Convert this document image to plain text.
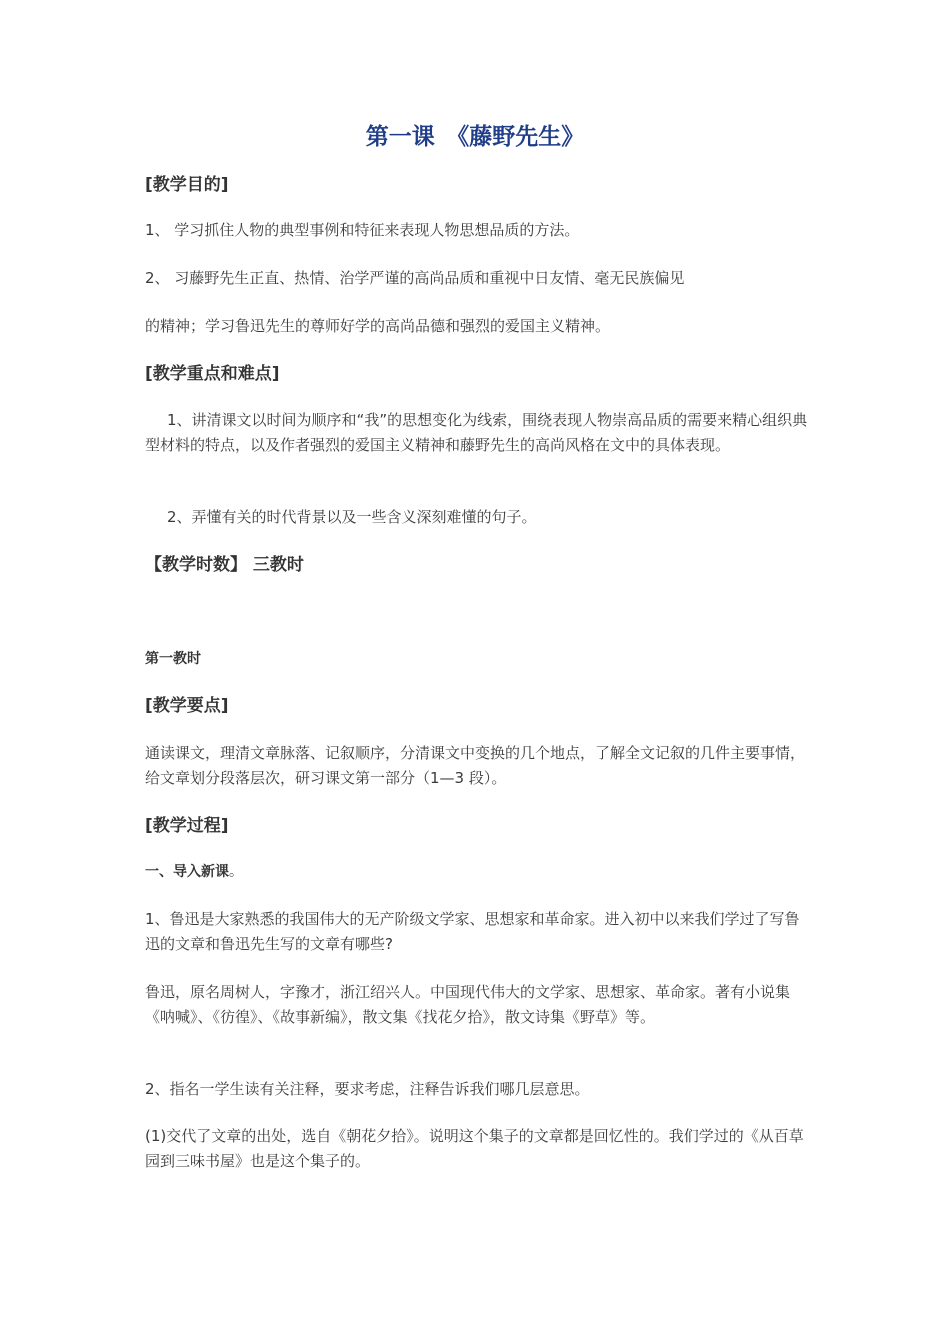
第一课　《藤野先生》
[教学目的]
1、 学习抓住人物的典型事例和特征来表现人物思想品质的方法。
2、 习藤野先生正直、热情、治学严谨的高尚品质和重视中日友情、毫无民族偏见
的精神；学习鲁迅先生的尊师好学的高尚品德和强烈的爱国主义精神。
[教学重点和难点]
1、讲清课文以时间为顺序和“我”的思想变化为线索，围绕表现人物崇高品质的需要来精心组织典型材料的特点，以及作者强烈的爱国主义精神和藤野先生的高尚风格在文中的具体表现。
2、弄懂有关的时代背景以及一些含义深刻难懂的句子。
【教学时数】 三教时
第一教时
[教学要点]
通读课文，理清文章脉落、记叙顺序，分清课文中变换的几个地点，了解全文记叙的几件主要事情，给文章划分段落层次，研习课文第一部分（1—3 段）。
[教学过程]
一、导入新课。
1、鲁迅是大家熟悉的我国伟大的无产阶级文学家、思想家和革命家。进入初中以来我们学过了写鲁迅的文章和鲁迅先生写的文章有哪些?
鲁迅，原名周树人，字豫才，浙江绍兴人。中国现代伟大的文学家、思想家、革命家。著有小说集《呐喊》、《彷徨》、《故事新编》，散文集《找花夕拾》，散文诗集《野草》等。
2、指名一学生读有关注释，要求考虑，注释告诉我们哪几层意思。
(1)交代了文章的出处，选自《朝花夕拾》。说明这个集子的文章都是回忆性的。我们学过的《从百草园到三味书屋》也是这个集子的。
